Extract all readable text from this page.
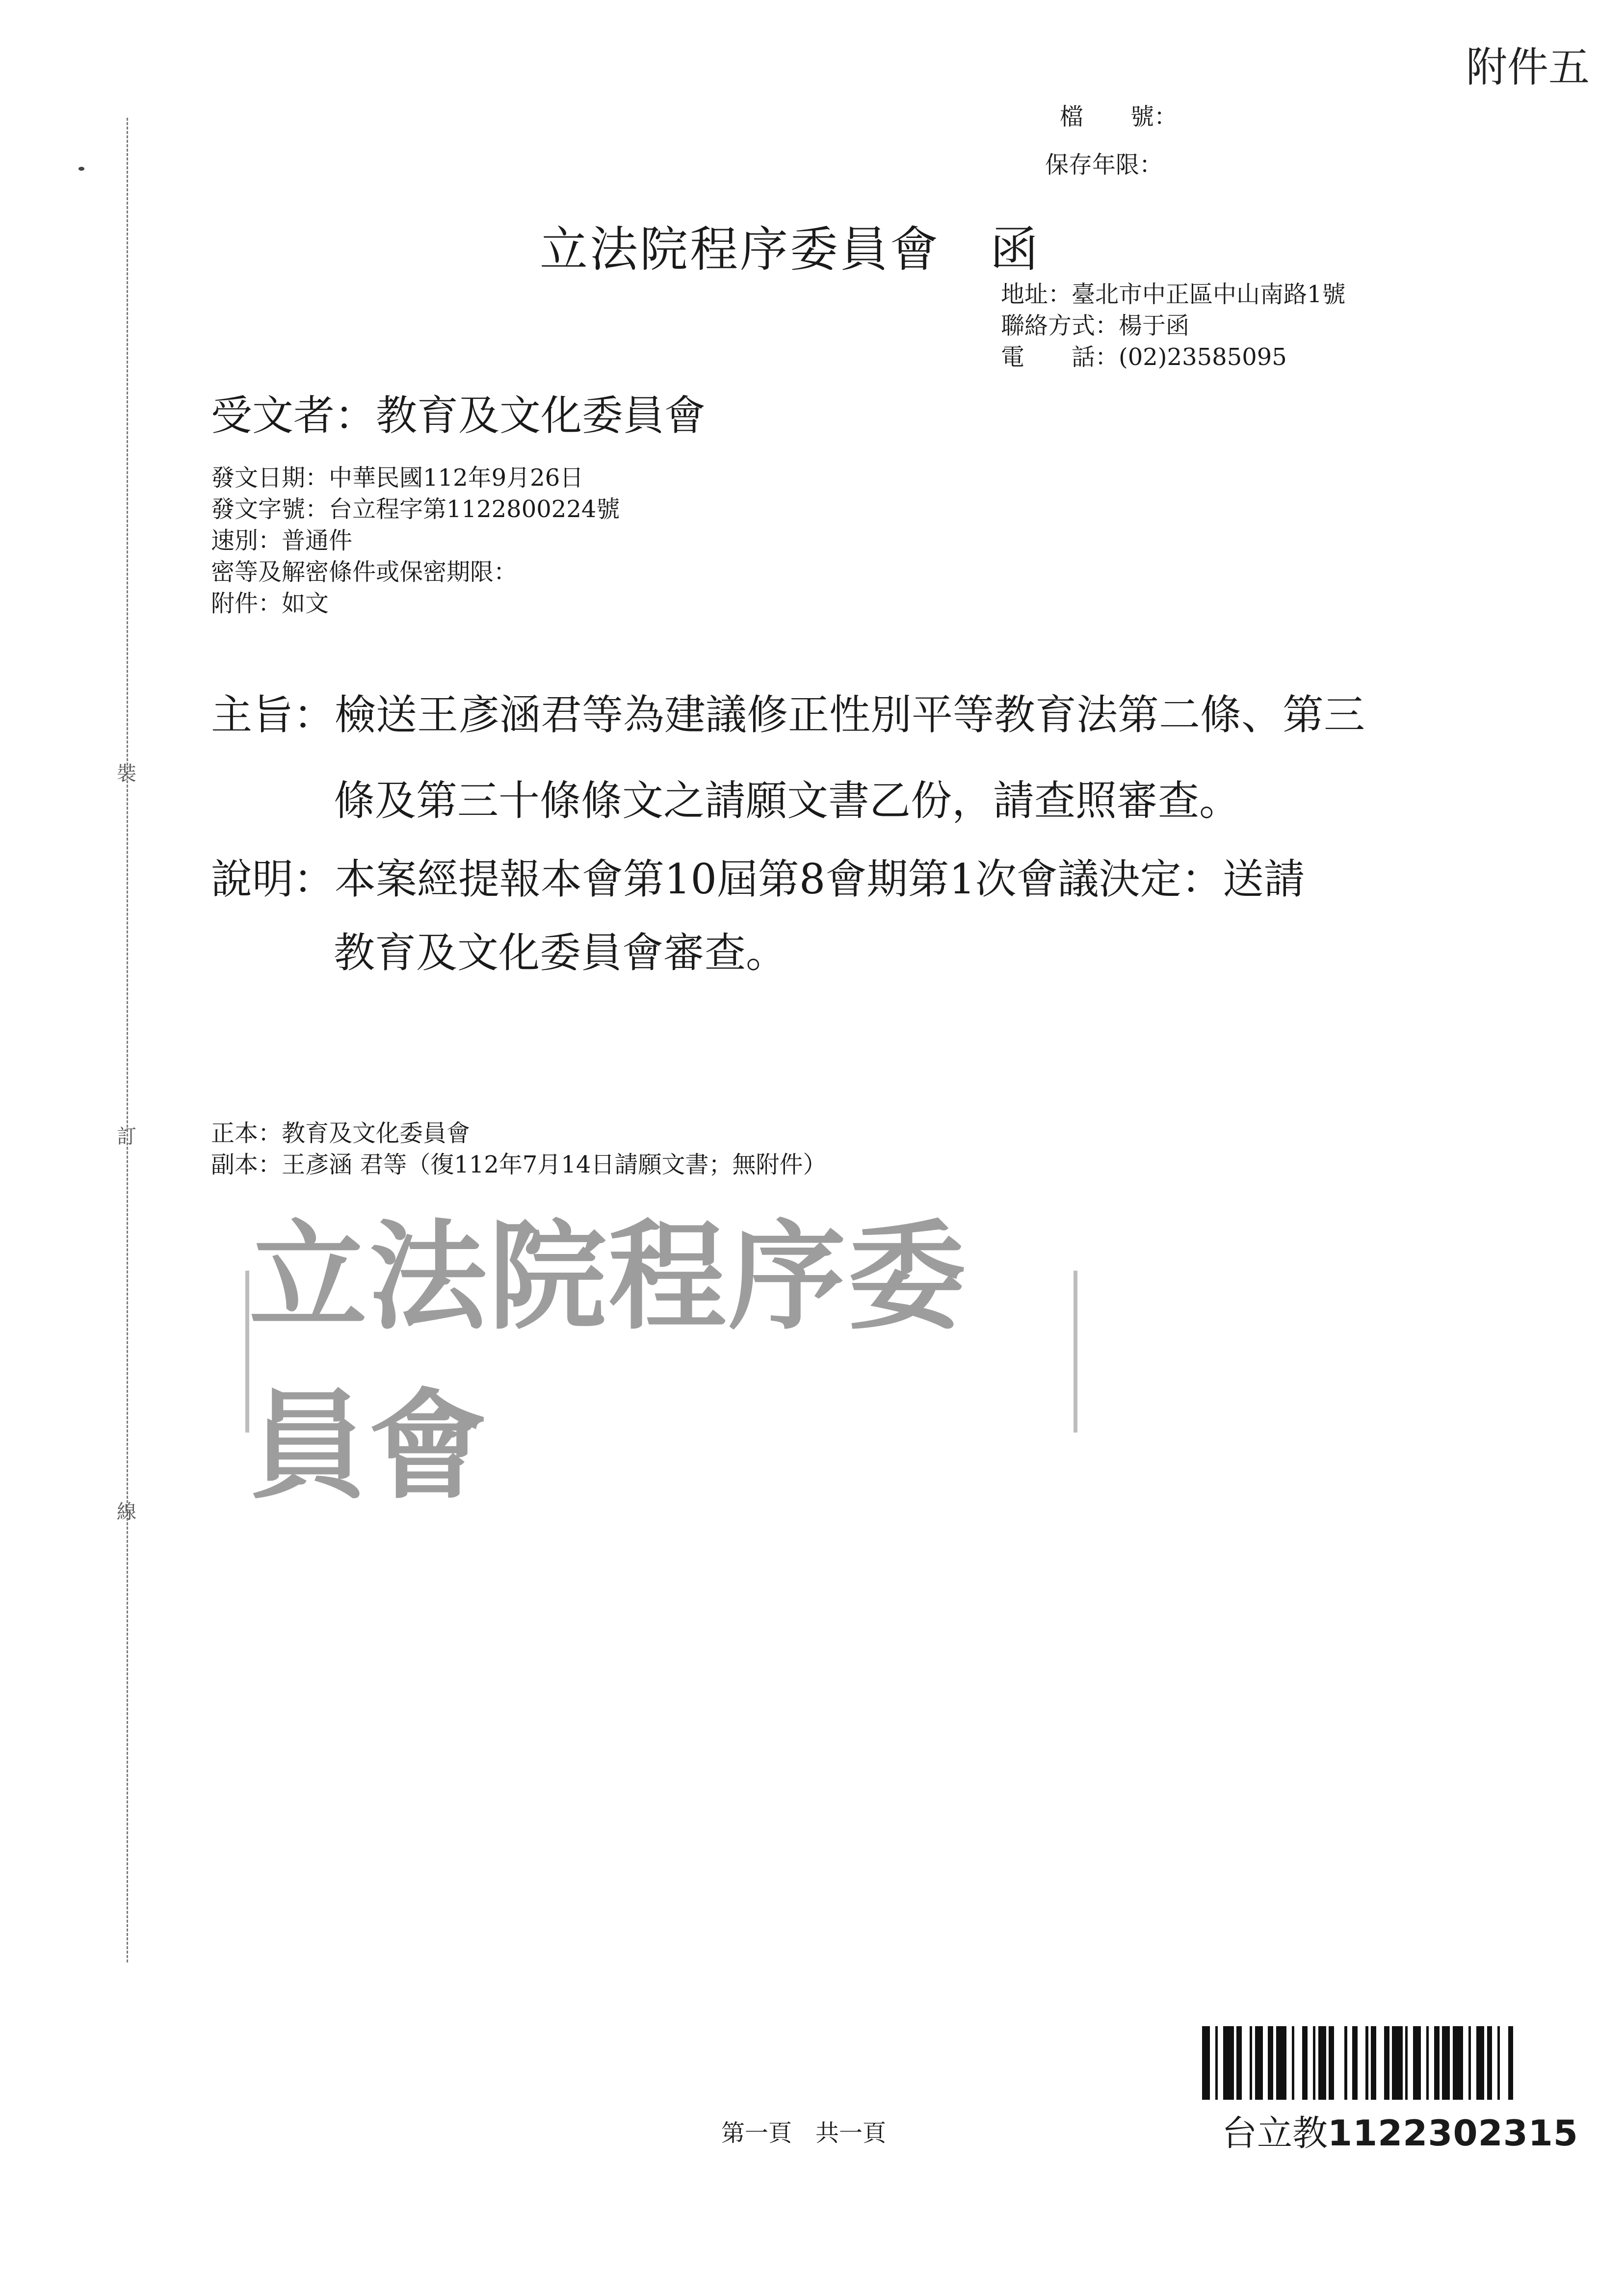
附件五
裝
訂
線
檔　　號：
保存年限：
立法院程序委員會　函
地址：臺北市中正區中山南路1號
聯絡方式：楊于函
電　　話：(02)23585095
受文者：教育及文化委員會
發文日期：中華民國112年9月26日
發文字號：台立程字第1122800224號
速別：普通件
密等及解密條件或保密期限：
附件：如文
主旨：檢送王彥涵君等為建議修正性別平等教育法第二條、第三
條及第三十條條文之請願文書乙份，請查照審查。
說明：本案經提報本會第10屆第8會期第1次會議決定：送請
教育及文化委員會審查。
正本：教育及文化委員會
副本：王彥涵 君等（復112年7月14日請願文書；無附件）
立法院程序委員會
第一頁　共一頁	台立教1122302315
